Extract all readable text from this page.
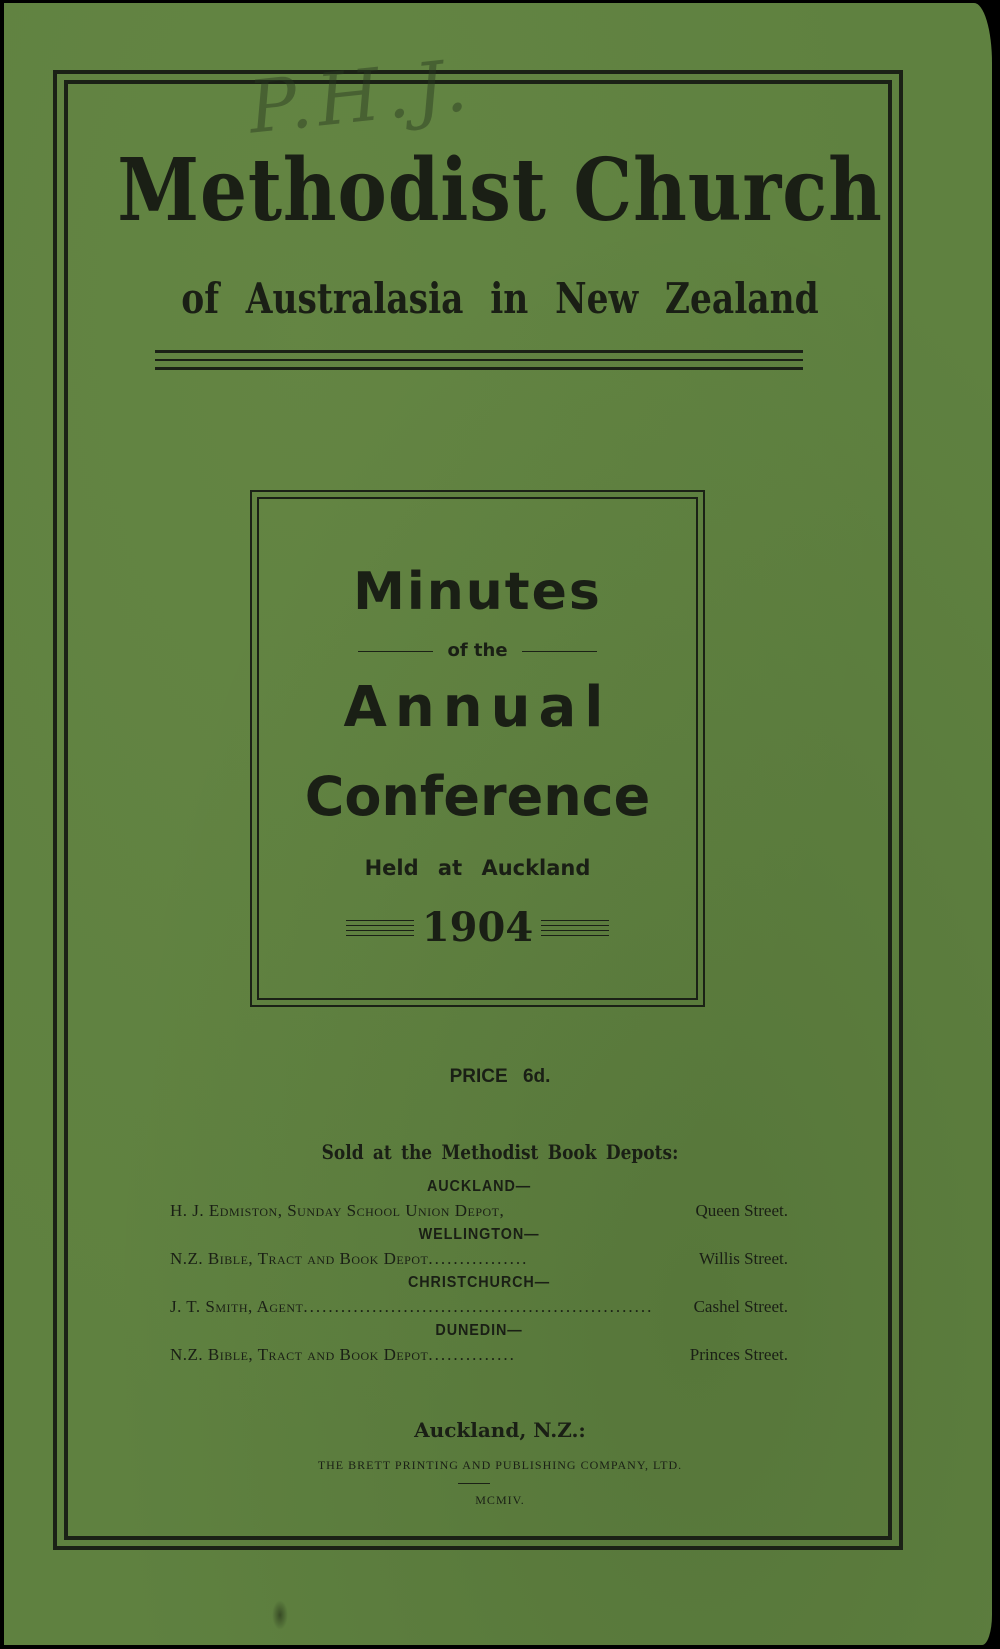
P.H.J.
Methodist Church
of Australasia in New Zealand
Minutes
of the
Annual
Conference
Held at Auckland
1904
PRICE 6d.
Sold at the Methodist Book Depots:
AUCKLAND—
H. J. Edmiston, Sunday School Union Depot,	Queen Street.
WELLINGTON—
N.Z. Bible, Tract and Book Depot ................	Willis Street.
CHRISTCHURCH—
J. T. Smith, Agent ........................................................	Cashel Street.
DUNEDIN—
N.Z. Bible, Tract and Book Depot ..............	Princes Street.
Auckland, N.Z.:
THE BRETT PRINTING AND PUBLISHING COMPANY, LTD.
MCMIV.
